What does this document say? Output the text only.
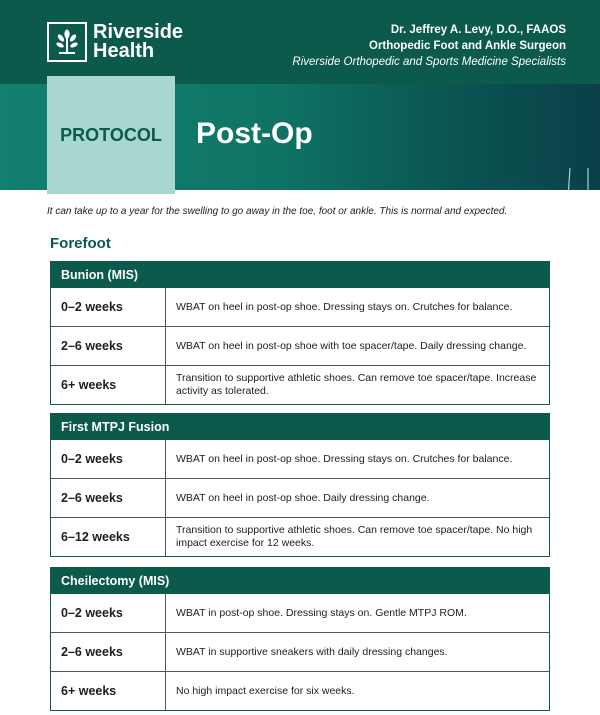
Riverside
Health
Dr. Jeffrey A. Levy, D.O., FAAOS
Orthopedic Foot and Ankle Surgeon
Riverside Orthopedic and Sports Medicine Specialists
PROTOCOL Post-Op
It can take up to a year for the swelling to go away in the toe, foot or ankle. This is normal and expected.
Forefoot
Bunion (MIS)
0–2 weeks	WBAT on heel in post-op shoe. Dressing stays on. Crutches for balance.
2–6 weeks	WBAT on heel in post-op shoe with toe spacer/tape. Daily dressing change.
6+ weeks	Transition to supportive athletic shoes. Can remove toe spacer/tape. Increase activity as tolerated.
First MTPJ Fusion
0–2 weeks	WBAT on heel in post-op shoe. Dressing stays on. Crutches for balance.
2–6 weeks	WBAT on heel in post-op shoe. Daily dressing change.
6–12 weeks	Transition to supportive athletic shoes. Can remove toe spacer/tape. No high impact exercise for 12 weeks.
Cheilectomy (MIS)
0–2 weeks	WBAT in post-op shoe. Dressing stays on. Gentle MTPJ ROM.
2–6 weeks	WBAT in supportive sneakers with daily dressing changes.
6+ weeks	No high impact exercise for six weeks.
